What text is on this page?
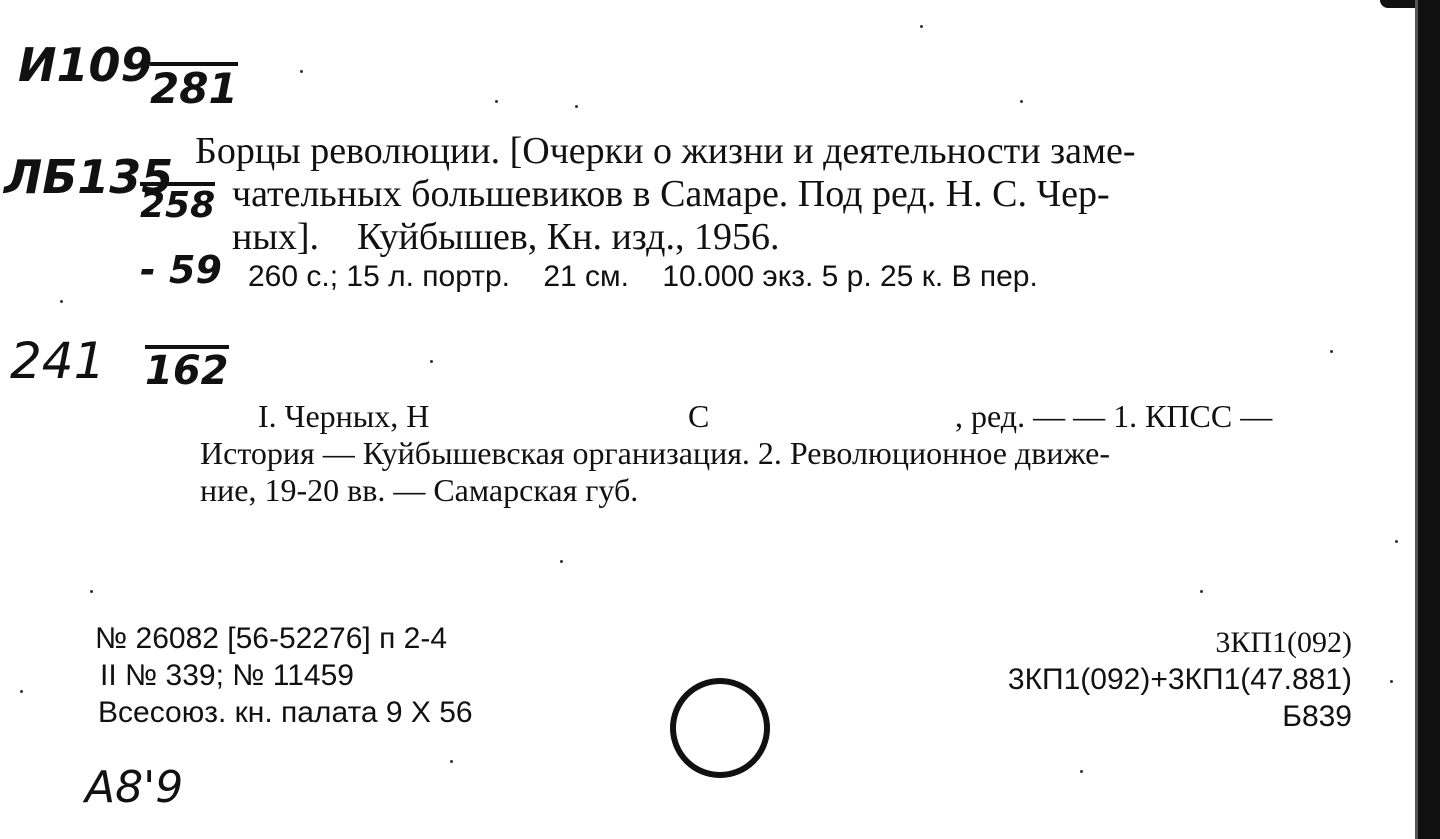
И109
281
ЛБ135
258
- 59
241 162
A8'9
Борцы революции. [Очерки о жизни и деятельности заме-
чательных большевиков в Самаре. Под ред. Н. С. Чер-
ных].    Куйбышев, Кн. изд., 1956.
260 с.; 15 л. портр.    21 см.    10.000 экз. 5 р. 25 к. В пер.
I. Черных, Н	С	, ред. — — 1. КПСС —
История — Куйбышевская организация. 2. Революционное движе-
ние, 19-20 вв. — Самарская губ.
№ 26082 [56-52276] п 2-4
II № 339; № 11459
Всесоюз. кн. палата 9 X 56
3КП1(092)
3КП1(092)+3КП1(47.881)
Б839
